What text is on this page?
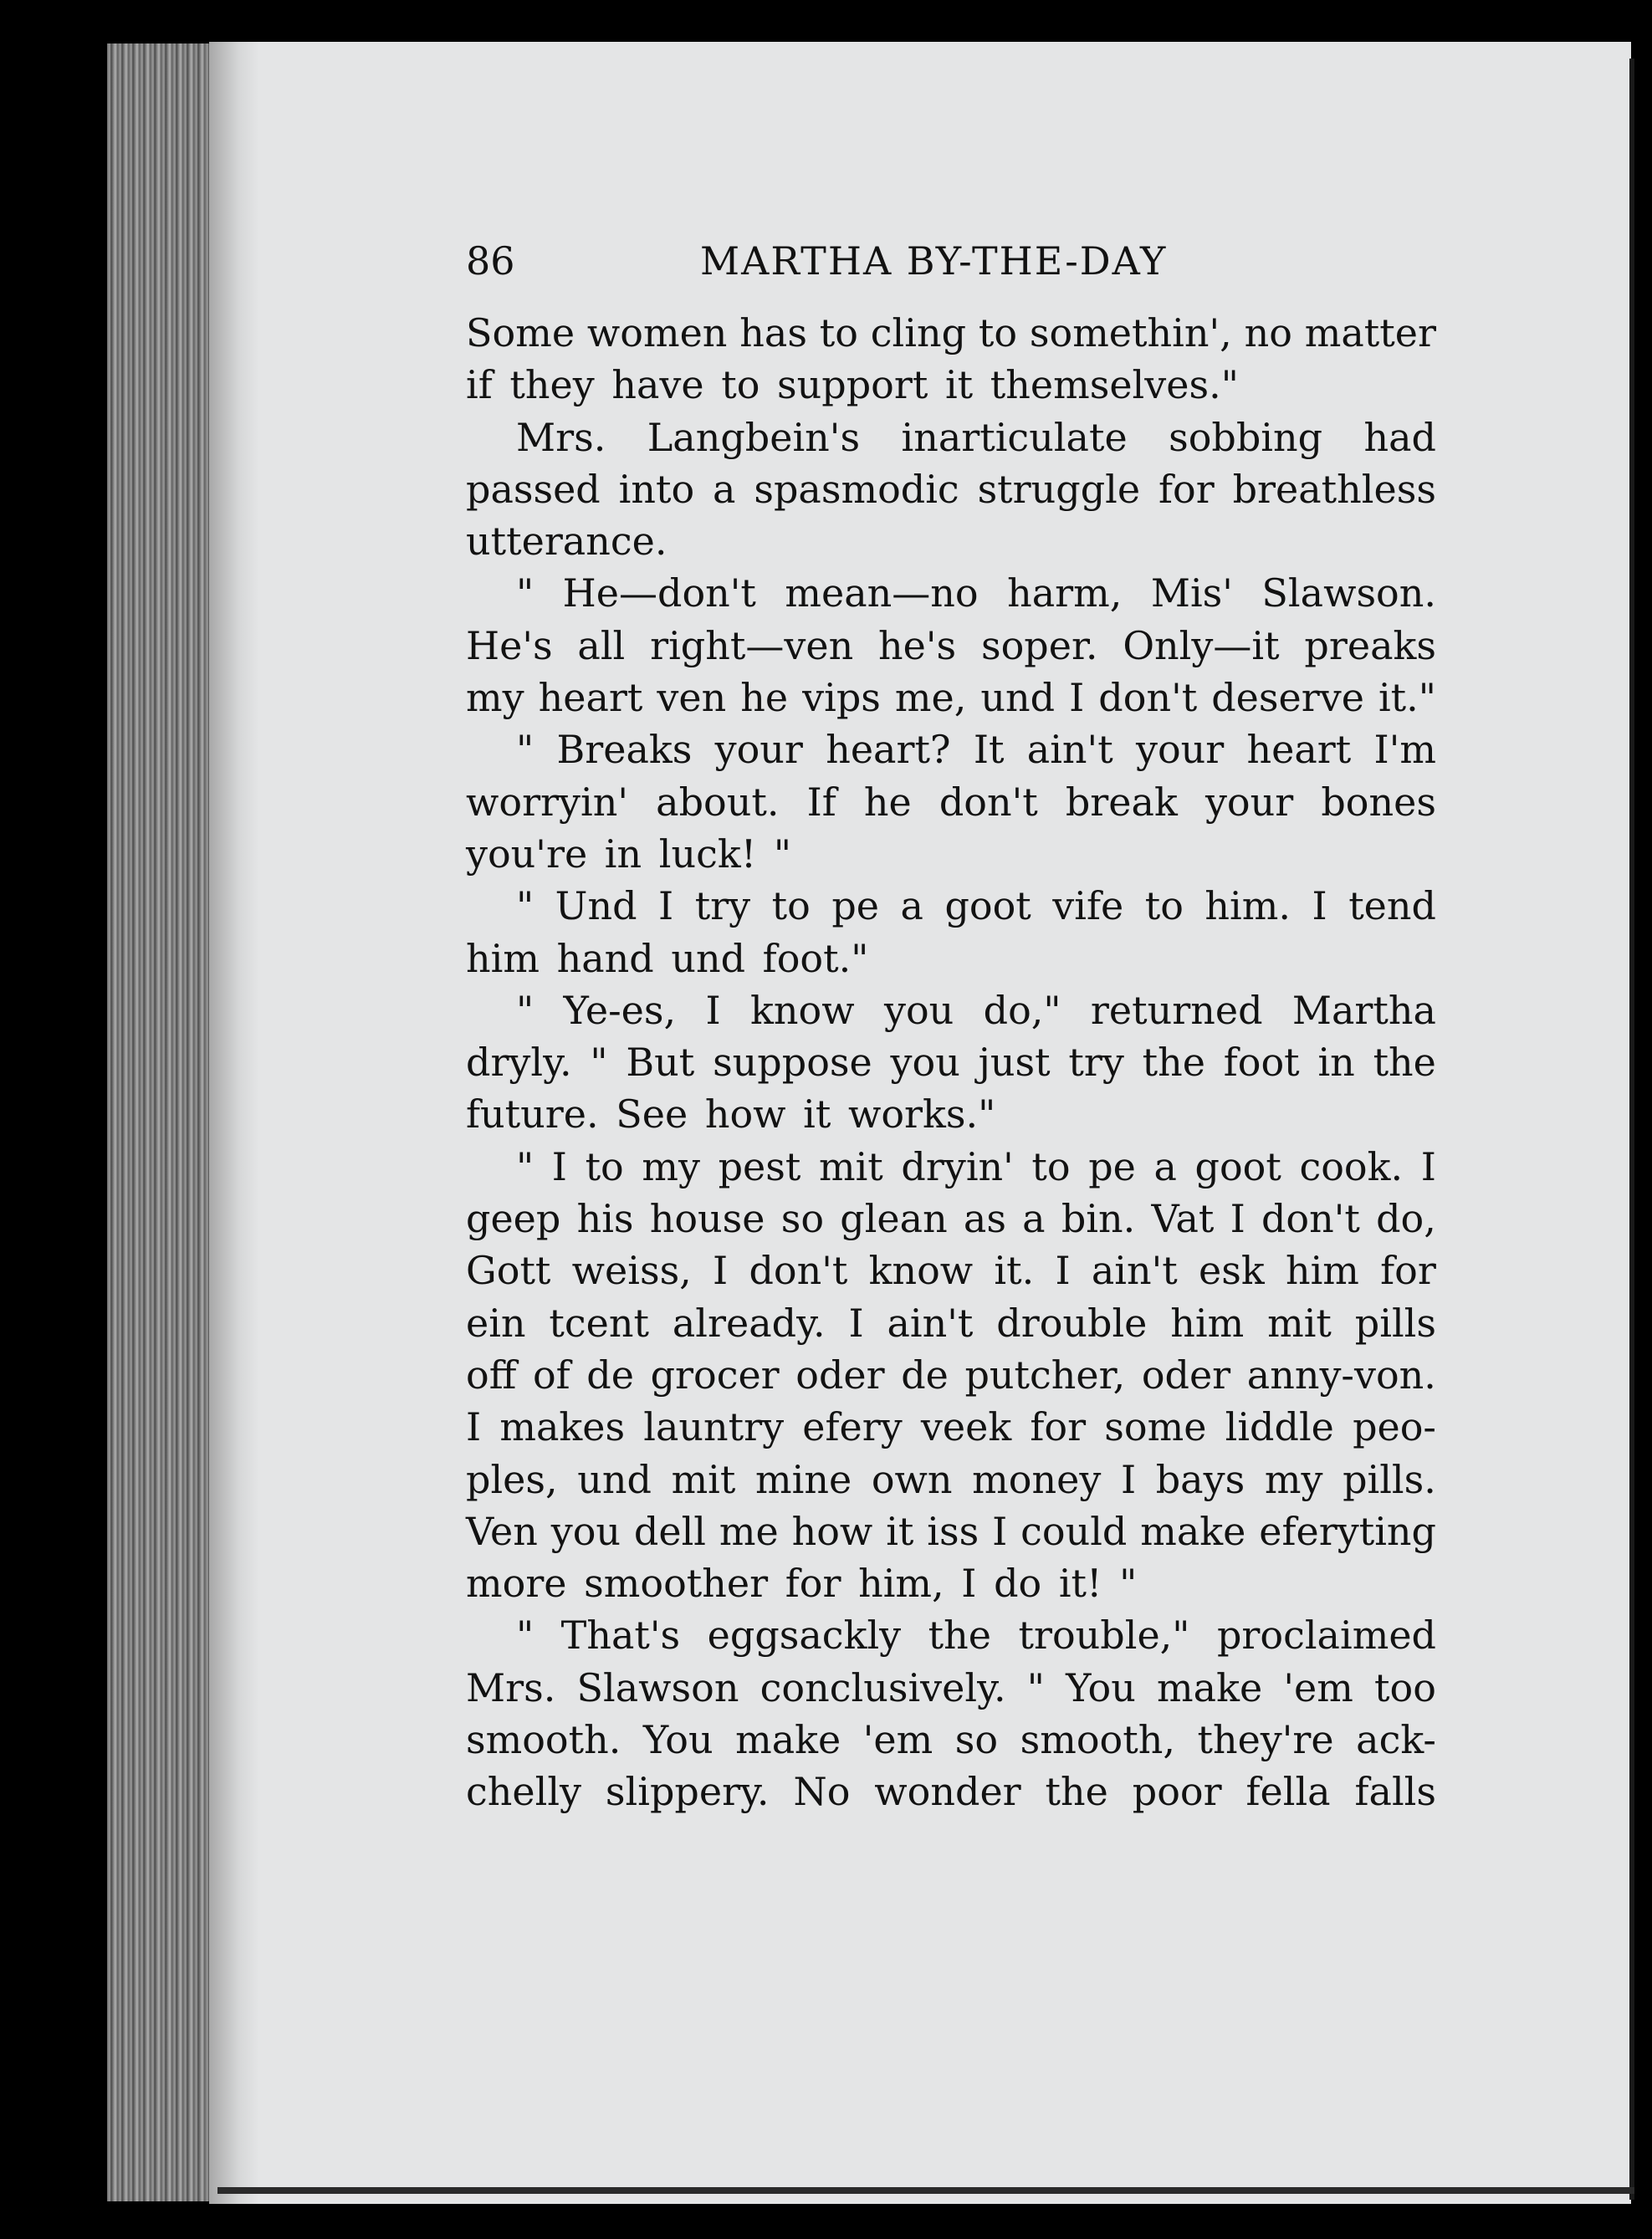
86	MARTHA BY-THE-DAY
Some women has to cling to somethin', no matter
if they have to support it themselves."
Mrs. Langbein's inarticulate sobbing had
passed into a spasmodic struggle for breathless
utterance.
" He—don't mean—no harm, Mis' Slawson.
He's all right—ven he's soper. Only—it preaks
my heart ven he vips me, und I don't deserve it."
" Breaks your heart? It ain't your heart I'm
worryin' about. If he don't break your bones
you're in luck! "
" Und I try to pe a goot vife to him. I tend
him hand und foot."
" Ye-es, I know you do," returned Martha
dryly. " But suppose you just try the foot in the
future. See how it works."
" I to my pest mit dryin' to pe a goot cook. I
geep his house so glean as a bin. Vat I don't do,
Gott weiss, I don't know it. I ain't esk him for
ein tcent already. I ain't drouble him mit pills
off of de grocer oder de putcher, oder anny-von.
I makes launtry efery veek for some liddle peo-
ples, und mit mine own money I bays my pills.
Ven you dell me how it iss I could make eferyting
more smoother for him, I do it! "
" That's eggsackly the trouble," proclaimed
Mrs. Slawson conclusively. " You make 'em too
smooth. You make 'em so smooth, they're ack-
chelly slippery. No wonder the poor fella falls
